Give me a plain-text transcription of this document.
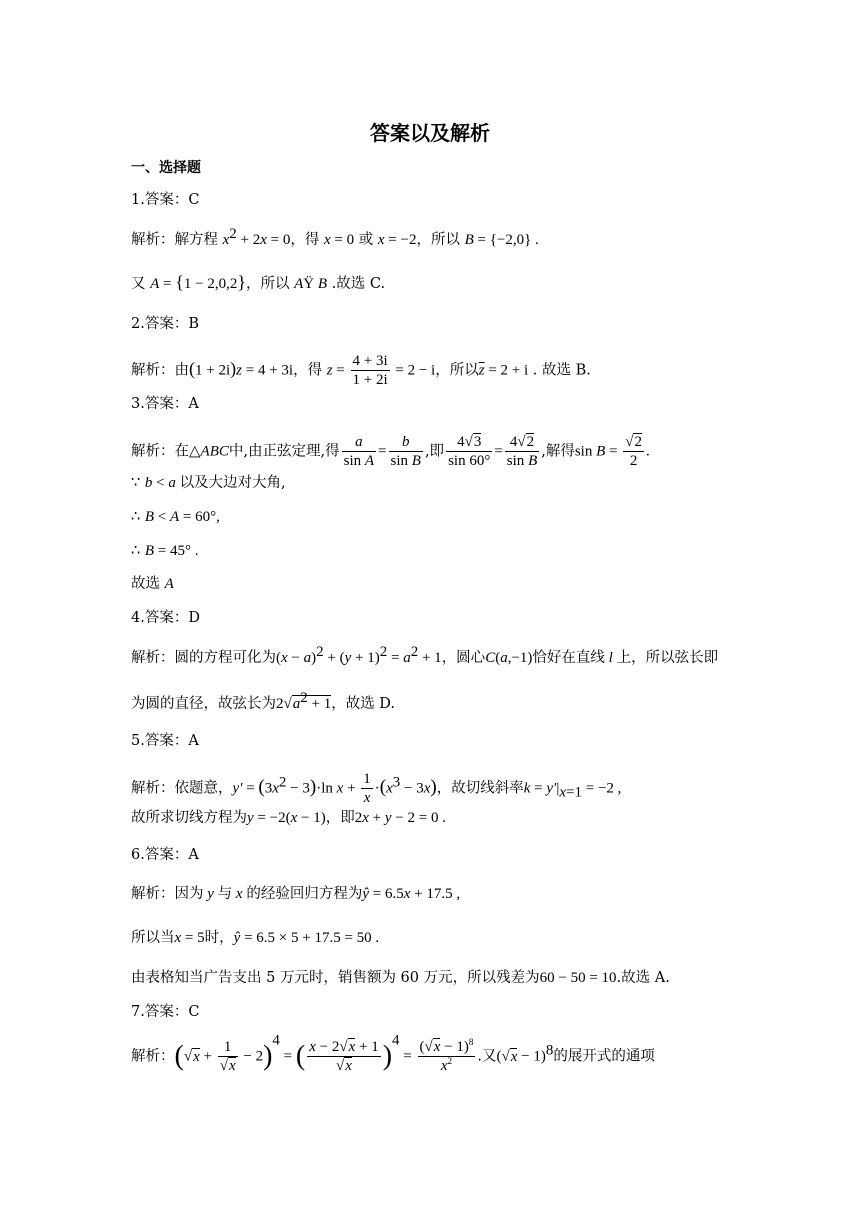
答案以及解析
一、选择题
1.答案：C
解析：解方程 $x^2 + 2x = 0$，得 x = 0 或 x = −2，所以 B = {−2,0} .
又 A = {1 − 2,0,2}，所以 AŸ B .故选 C.
2.答案：B
解析：由(1 + 2i)z = 4 + 3i，得 $z = \frac{4 + 3i}{1 + 2i} = 2 - i$，所以$\overline{z} = 2 + i$ . 故选 B.
3.答案：A
解析：在△ABC中,由正弦定理,得 $\frac{a}{\text{sin A}} = \frac{b}{\text{sin B}}$ ,即 $\frac{4√3}{\sin 60^\circ} = \frac{4√2}{\text{sin B}}$ ,解得$\sin B = \frac{√2}{2}$ .
∵ b < a 以及大边对大角,
∴ B < A = 60°,
∴ B = 45° .
故选 A
4.答案：D
解析：圆的方程可化为$(x - a)^2 + (y + 1)^2 = a^2 + 1$，圆心C(a,−1)恰好在直线 l 上，所以弦长即
为圆的直径，故弦长为$2√a^2 + 1$，故选 D.
5.答案：A
解析：依题意，$y' = (3x^2 - 3)\cdot\ln$ $x + \frac{1}{x} \cdot(x^3 - 3x)$，故切线斜率$k = y'|_{x=1} = -2$ ,
故所求切线方程为y = −2(x − 1)，即2x + y − 2 = 0 .
6.答案：A
解析：因为 y 与 x 的经验回归方程为ŷ = 6.5x + 17.5 ,
所以当x = 5时，ŷ = 6.5 × 5 + 17.5 = 50 .
由表格知当广告支出 5 万元时，销售额为 60 万元，所以残差为60 − 50 = 10.故选 A.
7.答案：C
解析：$(√x + \frac{1}{√x} - 2)^4$ = ( $\frac{x - 2√x + 1}{√x} )^4 = \frac{(√x - 1)^8}{x^2}$ .又$(√x - 1)^8$的展开式的通项
